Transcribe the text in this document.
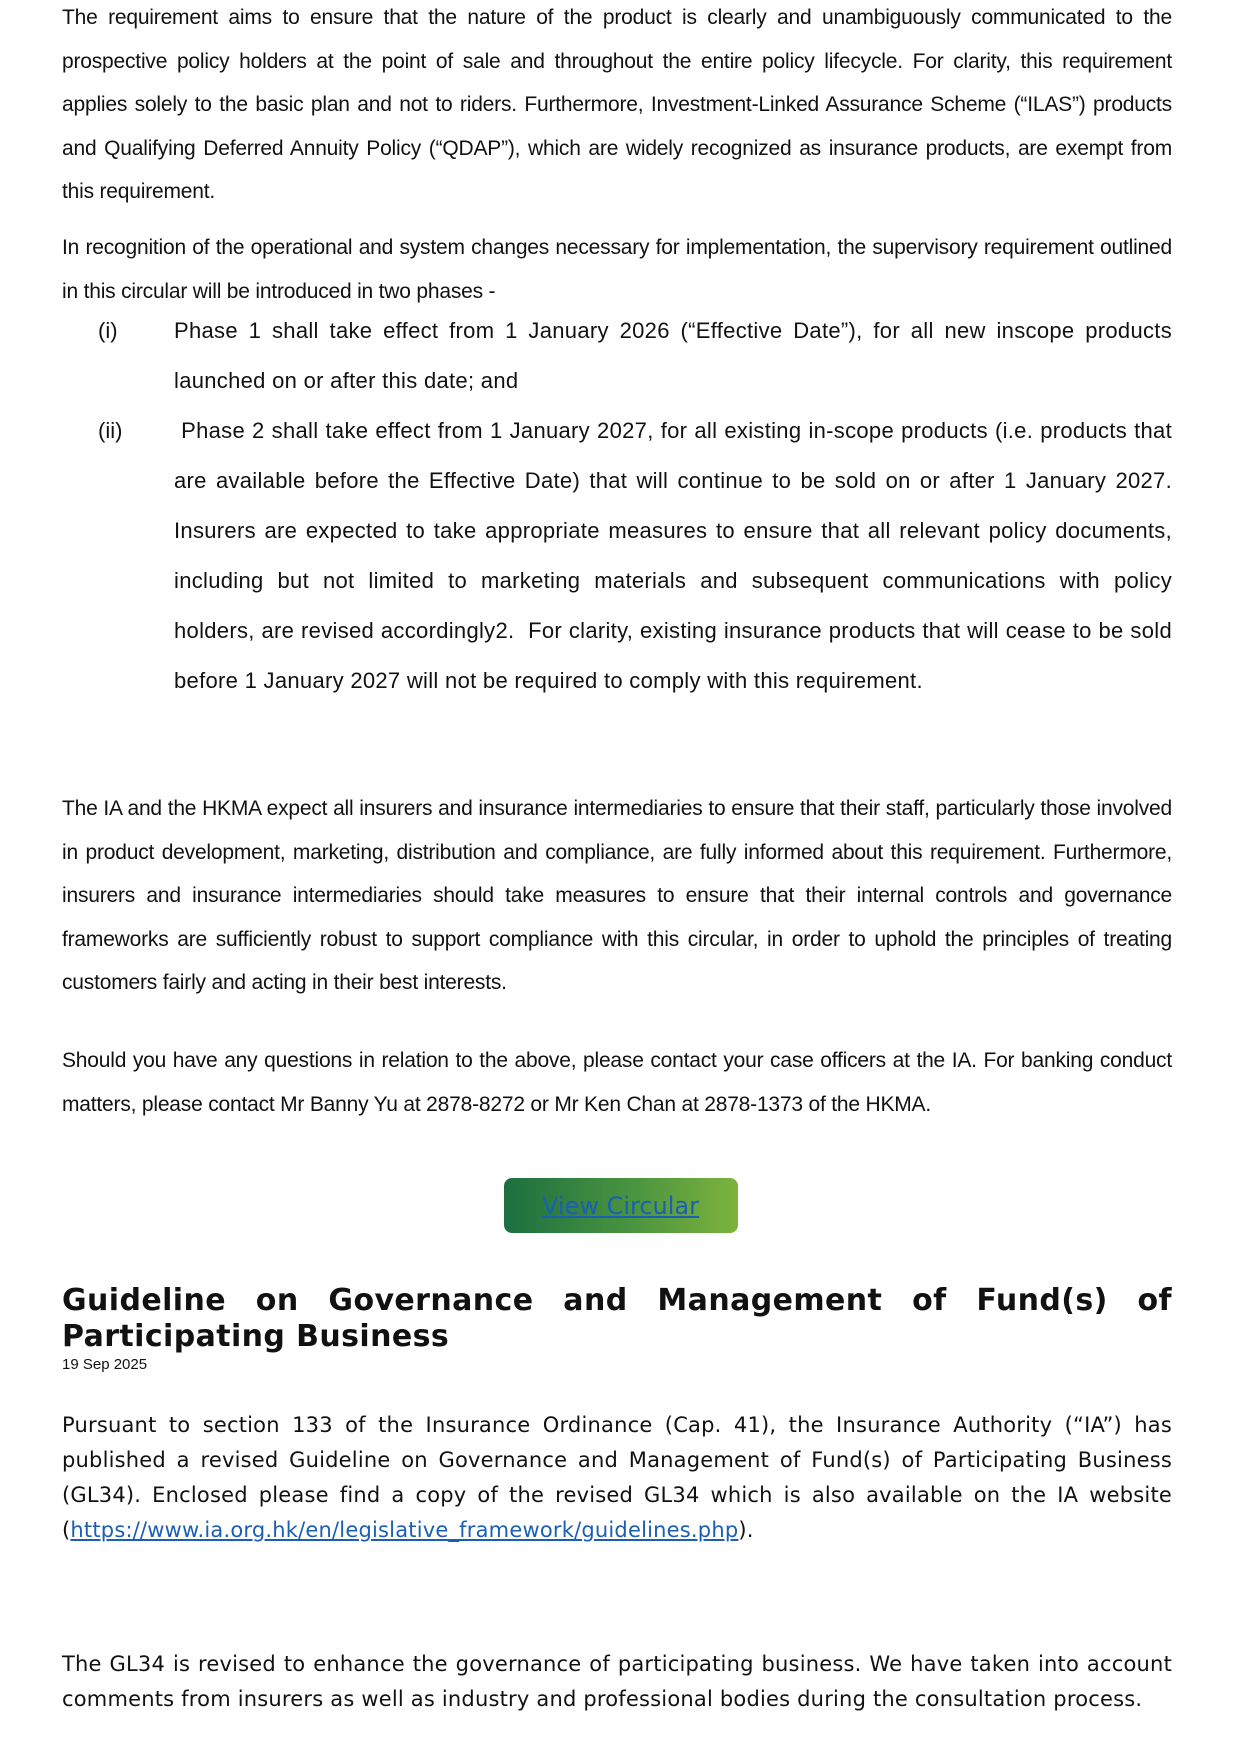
The requirement aims to ensure that the nature of the product is clearly and unambiguously communicated to the prospective policy holders at the point of sale and throughout the entire policy lifecycle. For clarity, this requirement applies solely to the basic plan and not to riders. Furthermore, Investment-Linked Assurance Scheme (“ILAS”) products and Qualifying Deferred Annuity Policy (“QDAP”), which are widely recognized as insurance products, are exempt from this requirement.

In recognition of the operational and system changes necessary for implementation, the supervisory requirement outlined in this circular will be introduced in two phases -

(i)	Phase 1 shall take effect from 1 January 2026 (“Effective Date”), for all new inscope products launched on or after this date; and

(ii)	Phase 2 shall take effect from 1 January 2027, for all existing in-scope products (i.e. products that are available before the Effective Date) that will continue to be sold on or after 1 January 2027.  Insurers are expected to take appropriate measures to ensure that all relevant policy documents, including but not limited to marketing materials and subsequent communications with policy holders, are revised accordingly2.  For clarity, existing insurance products that will cease to be sold before 1 January 2027 will not be required to comply with this requirement.

The IA and the HKMA expect all insurers and insurance intermediaries to ensure that their staff, particularly those involved in product development, marketing, distribution and compliance, are fully informed about this requirement. Furthermore, insurers and insurance intermediaries should take measures to ensure that their internal controls and governance frameworks are sufficiently robust to support compliance with this circular, in order to uphold the principles of treating customers fairly and acting in their best interests.

Should you have any questions in relation to the above, please contact your case officers at the IA. For banking conduct matters, please contact Mr Banny Yu at 2878-8272 or Mr Ken Chan at 2878-1373 of the HKMA.

View Circular
Guideline on Governance and Management of Fund(s) of Participating Business
19 Sep 2025

Pursuant to section 133 of the Insurance Ordinance (Cap. 41), the Insurance Authority (“IA”) has published a revised Guideline on Governance and Management of Fund(s) of Participating Business (GL34). Enclosed please find a copy of the revised GL34 which is also available on the IA website (https://www.ia.org.hk/en/legislative_framework/guidelines.php).

The GL34 is revised to enhance the governance of participating business. We have taken into account comments from insurers as well as industry and professional bodies during the consultation process.
